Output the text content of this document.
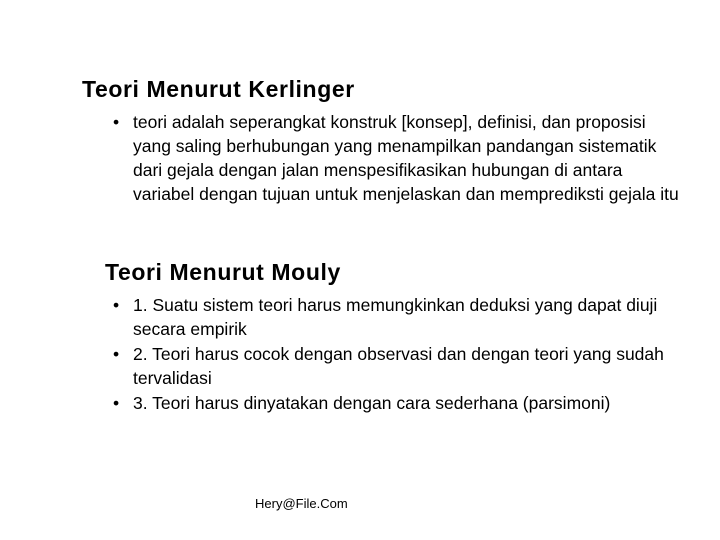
Teori Menurut Kerlinger
• teori adalah seperangkat konstruk [konsep], definisi, dan proposisi yang saling berhubungan yang menampilkan pandangan sistematik dari gejala dengan jalan menspesifikasikan hubungan di antara variabel dengan tujuan untuk menjelaskan dan memprediksti gejala itu
Teori Menurut Mouly
• 1. Suatu sistem teori harus memungkinkan deduksi yang dapat diuji secara empirik
• 2. Teori harus cocok dengan observasi dan dengan teori yang sudah tervalidasi
• 3. Teori harus dinyatakan dengan cara sederhana (parsimoni)
Hery@File.Com
